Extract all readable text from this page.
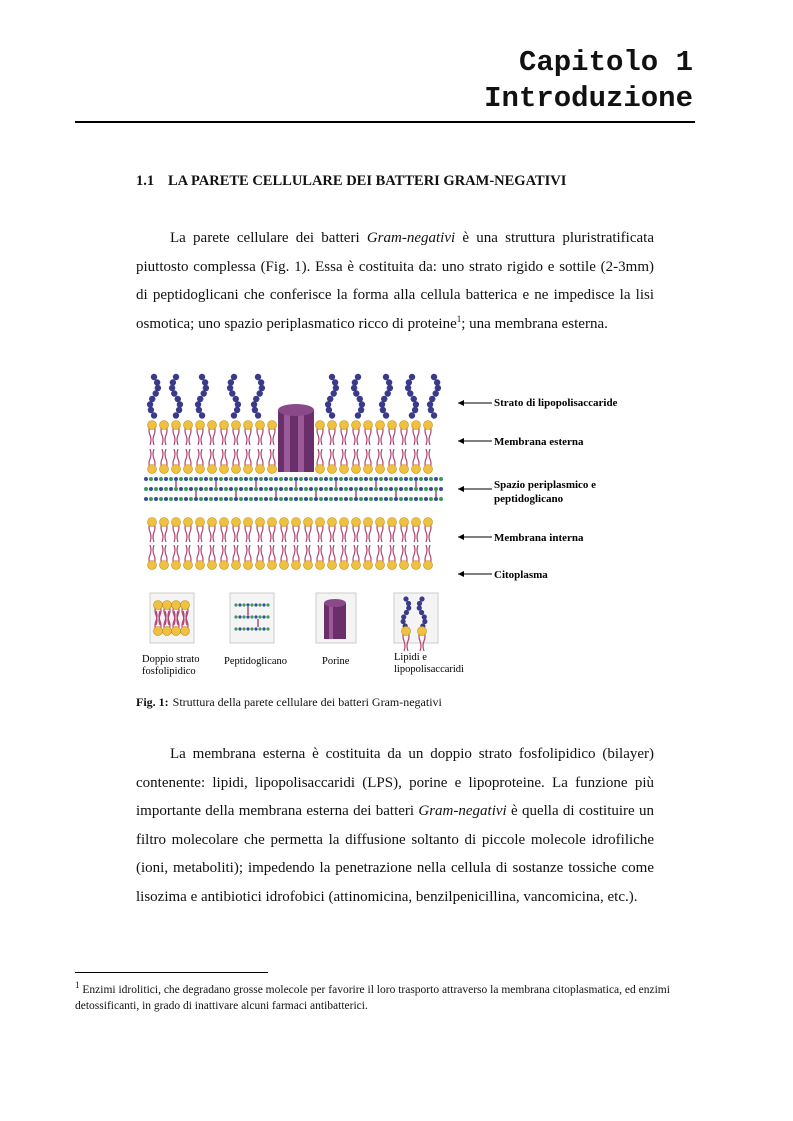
Capitolo 1
Introduzione
1.1 LA PARETE CELLULARE DEI BATTERI GRAM-NEGATIVI
La parete cellulare dei batteri Gram-negativi è una struttura pluristratificata piuttosto complessa (Fig. 1). Essa è costituita da: uno strato rigido e sottile (2-3mm) di peptidoglicani che conferisce la forma alla cellula batterica e ne impedisce la lisi osmotica; uno spazio periplasmatico ricco di proteine$^1$; una membrana esterna.
Strato di lipopolisaccaride
Membrana esterna
Spazio periplasmico e
peptidoglicano
Membrana interna
Citoplasma
Doppio strato
fosfolipidico
Peptidoglicano	Porine	Lipidi e
lipopolisaccaridi
Fig. 1: Struttura della parete cellulare dei batteri Gram-negativi
La membrana esterna è costituita da un doppio strato fosfolipidico (bilayer) contenente: lipidi, lipopolisaccaridi (LPS), porine e lipoproteine. La funzione più importante della membrana esterna dei batteri Gram-negativi è quella di costituire un filtro molecolare che permetta la diffusione soltanto di piccole molecole idrofiliche (ioni, metaboliti); impedendo la penetrazione nella cellula di sostanze tossiche come lisozima e antibiotici idrofobici (attinomicina, benzilpenicillina, vancomicina, etc.).
$^1$ Enzimi idrolitici, che degradano grosse molecole per favorire il loro trasporto attraverso la membrana citoplasmatica, ed enzimi detossificanti, in grado di inattivare alcuni farmaci antibatterici.
